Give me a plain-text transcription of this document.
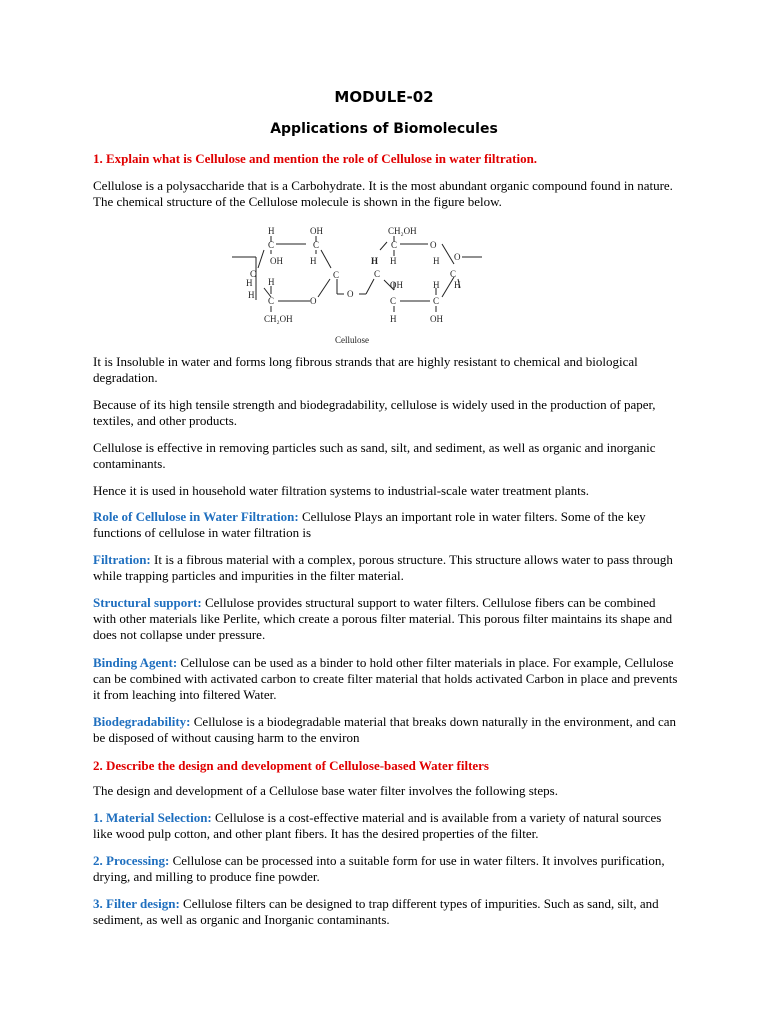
MODULE-02
Applications of Biomolecules

1. Explain what is Cellulose and mention the role of Cellulose in water filtration.

Cellulose is a polysaccharide that is a Carbohydrate. It is the most abundant organic compound found in nature. The chemical structure of the Cellulose molecule is shown in the figure below.

H
C
OH
OH
C
H
C
H H
C
H
C
O
CH₂OH
O
CH₂OH
C	O
H H
C
H
OH
C
H
C
C
H
H	OH
O
Cellulose

It is Insoluble in water and forms long fibrous strands that are highly resistant to chemical and biological degradation.

Because of its high tensile strength and biodegradability, cellulose is widely used in the production of paper, textiles, and other products.

Cellulose is effective in removing particles such as sand, silt, and sediment, as well as organic and inorganic contaminants.

Hence it is used in household water filtration systems to industrial-scale water treatment plants.

Role of Cellulose in Water Filtration: Cellulose Plays an important role in water filters. Some of the key functions of cellulose in water filtration is

Filtration: It is a fibrous material with a complex, porous structure. This structure allows water to pass through while trapping particles and impurities in the filter material.

Structural support: Cellulose provides structural support to water filters. Cellulose fibers can be combined with other materials like Perlite, which create a porous filter material. This porous filter maintains its shape and does not collapse under pressure.

Binding Agent: Cellulose can be used as a binder to hold other filter materials in place. For example, Cellulose can be combined with activated carbon to create filter material that holds activated Carbon in place and prevents it from leaching into filtered Water.

Biodegradability: Cellulose is a biodegradable material that breaks down naturally in the environment, and can be disposed of without causing harm to the environ

2. Describe the design and development of Cellulose-based Water filters

The design and development of a Cellulose base water filter involves the following steps.

1. Material Selection: Cellulose is a cost-effective material and is available from a variety of natural sources like wood pulp cotton, and other plant fibers. It has the desired properties of the filter.

2. Processing: Cellulose can be processed into a suitable form for use in water filters. It involves purification, drying, and milling to produce fine powder.

3. Filter design: Cellulose filters can be designed to trap different types of impurities. Such as sand, silt, and sediment, as well as organic and Inorganic contaminants.
